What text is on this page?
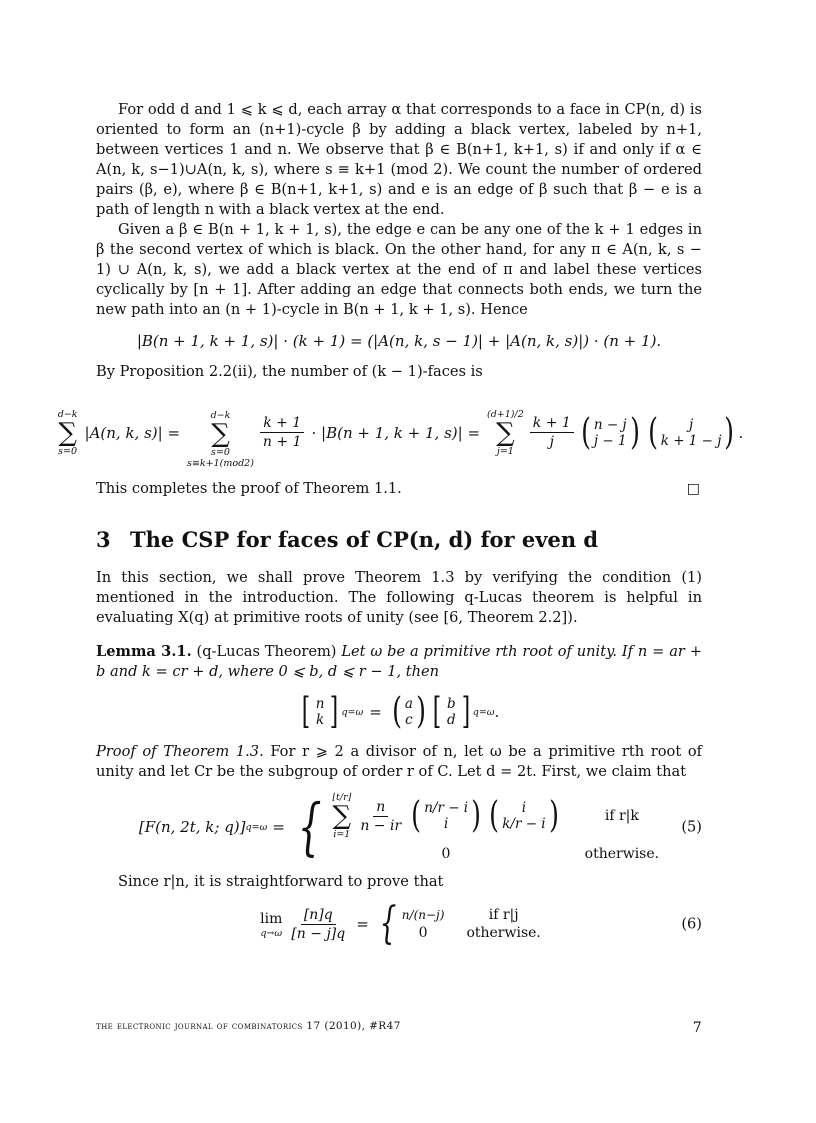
For odd d and 1 ⩽ k ⩽ d, each array α that corresponds to a face in CP(n, d) is oriented to form an (n+1)-cycle β by adding a black vertex, labeled by n+1, between vertices 1 and n. We observe that β ∈ B(n+1, k+1, s) if and only if α ∈ A(n, k, s−1)∪A(n, k, s), where s ≡ k+1 (mod 2). We count the number of ordered pairs (β, e), where β ∈ B(n+1, k+1, s) and e is an edge of β such that β − e is a path of length n with a black vertex at the end.

Given a β ∈ B(n + 1, k + 1, s), the edge e can be any one of the k + 1 edges in β the second vertex of which is black. On the other hand, for any π ∈ A(n, k, s − 1) ∪ A(n, k, s), we add a black vertex at the end of π and label these vertices cyclically by [n + 1]. After adding an edge that connects both ends, we turn the new path into an (n + 1)-cycle in B(n + 1, k + 1, s). Hence

|B(n + 1, k + 1, s)| · (k + 1) = (|A(n, k, s − 1)| + |A(n, k, s)|) · (n + 1).

By Proposition 2.2(ii), the number of (k − 1)-faces is

d−k
∑
s=0
|A(n, k, s)| =
d−k
∑
s=0
s≡k+1(mod2)
$\frac{k + 1}{n + 1} \cdot |B(n + 1$, k + 1, s)| =
(d+1)/2
∑
j=1
$\frac{k + 1}{j}$ ( n − j
j − 1 ) ( j
k + 1 − j ) .

This completes the proof of Theorem 1.1.	□

3 The CSP for faces of CP(n, d) for even d

In this section, we shall prove Theorem 1.3 by verifying the condition (1) mentioned in the introduction. The following q-Lucas theorem is helpful in evaluating X(q) at primitive roots of unity (see [6, Theorem 2.2]).

Lemma 3.1. (q-Lucas Theorem) Let ω be a primitive rth root of unity. If n = ar + b and k = cr + d, where 0 ⩽ b, d ⩽ r − 1, then

[ n
k ] q=ω = ( a
c ) [ b
d ] q=ω .

Proof of Theorem 1.3. For r ⩾ 2 a divisor of n, let ω be a primitive rth root of unity and let Cr be the subgroup of order r of C. Let d = 2t. First, we claim that

[F(n, 2t, k; q)] q=ω = { ⌊t/r⌋
∑
i=1
$\frac{n}{n - ir}$ ( n/r − i
i ) ( i
k/r − i )	if r|k
0	otherwise.
(5)

Since r|n, it is straightforward to prove that

lim
$q\to\omega \frac{[n]q}{[n - j]q}$ = { n/(n−j)	if r|j
0	otherwise.
(6)
the electronic journal of combinatorics 17 (2010), #R47	7
